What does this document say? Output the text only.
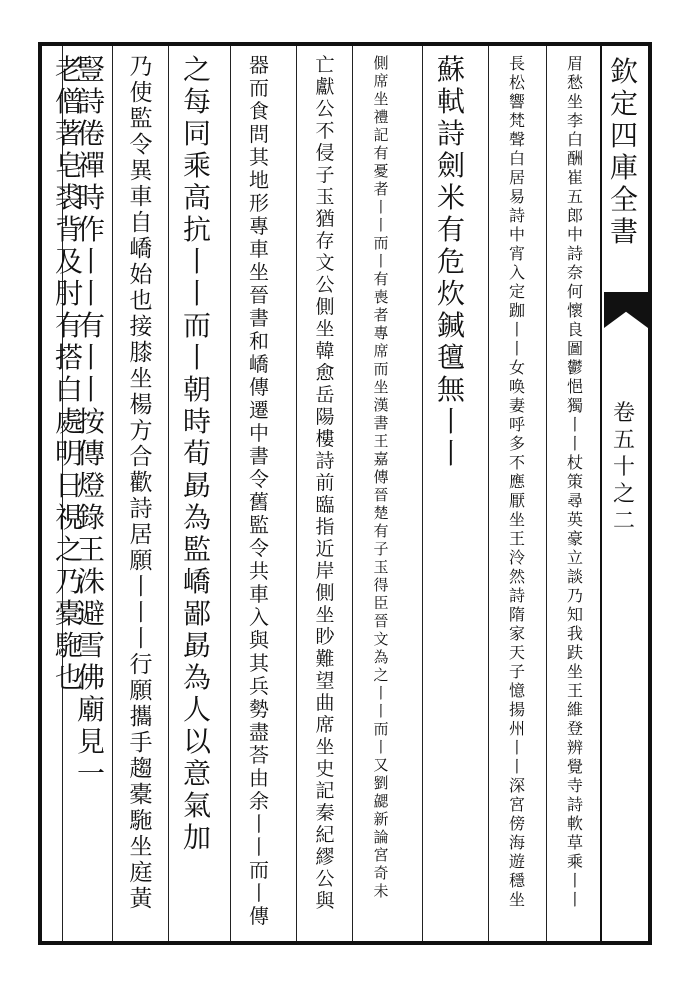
欽
定
四
庫
全
書
卷
五
十
之
二
眉
愁
坐
李
白
酬
崔
五
郎
中
詩
奈
何
懷
良
圖
鬱
悒
獨
丨
丨
杖
策
尋
英
豪
立
談
乃
知
我
趺
坐
王
維
登
辨
覺
寺
詩
軟
草
乘
丨
丨
長
松
響
梵
聲
白
居
易
詩
中
宵
入
定
跏
丨
丨
女
唤
妻
呼
多
不
應
厭
坐
王
泠
然
詩
隋
家
天
子
憶
揚
州
丨
丨
深
宮
傍
海
遊
穩
坐
蘇
軾
詩
劍
米
有
危
炊
鍼
氊
無
丨
丨
側
席
坐
禮
記
有
憂
者
丨
丨
而
丨
有
喪
者
專
席
而
坐
漢
書
王
嘉
傳
晉
楚
有
子
玉
得
臣
晉
文
為
之
丨
丨
而
丨
又
劉
勰
新
論
宮
奇
未
亡
獻
公
不
侵
子
玉
猶
存
文
公
側
坐
韓
愈
岳
陽
樓
詩
前
臨
指
近
岸
側
坐
眇
難
望
曲
席
坐
史
記
秦
紀
繆
公
與
器
而
食
問
其
地
形
專
車
坐
晉
書
和
嶠
傳
遷
中
書
令
舊
監
令
共
車
入
與
其
兵
勢
盡
荅
由
余
丨
丨
而
丨
傳
之
每
同
乘
高
抗
丨
丨
而
丨
朝
時
荀
勗
為
監
嶠
鄙
勗
為
人
以
意
氣
加
乃
使
監
令
異
車
自
嶠
始
也
接
膝
坐
楊
方
合
歡
詩
居
願
丨
丨
丨
行
願
攜
手
趨
橐
駞
坐
庭
黃
豎
詩
倦
禪
時
作
丨
丨
有
丨
丨
按
傳
燈
錄
王
洙
避
雪
佛
廟
見
一
老
僧
著
皂
裘
背
及
肘
有
搭
白
處
明
日
視
之
乃
橐
駞
也
